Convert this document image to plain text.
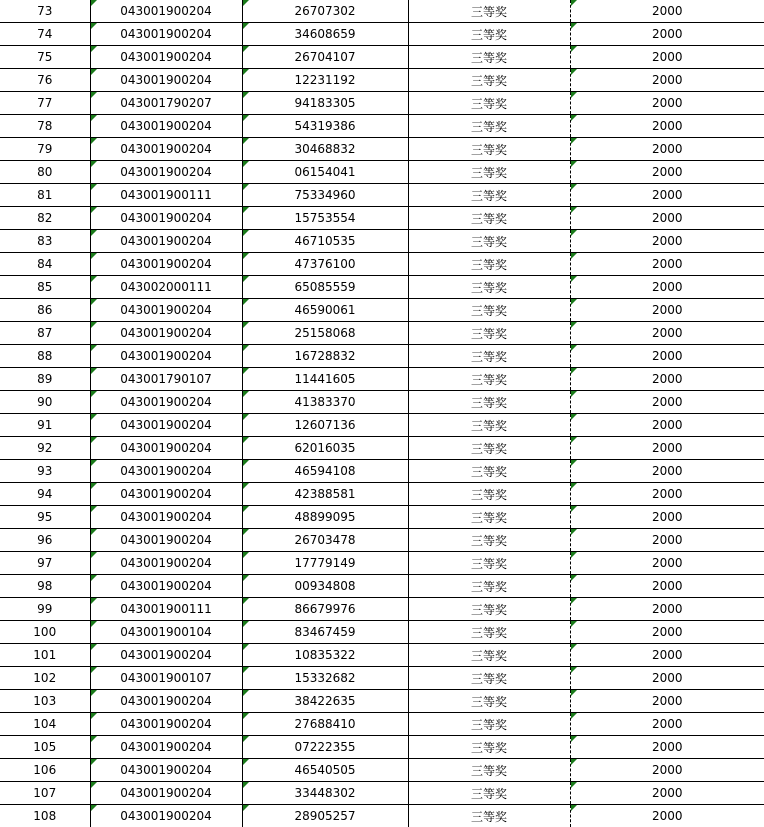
73	043001900204	26707302	三等奖	2000
74	043001900204	34608659	三等奖	2000
75	043001900204	26704107	三等奖	2000
76	043001900204	12231192	三等奖	2000
77	043001790207	94183305	三等奖	2000
78	043001900204	54319386	三等奖	2000
79	043001900204	30468832	三等奖	2000
80	043001900204	06154041	三等奖	2000
81	043001900111	75334960	三等奖	2000
82	043001900204	15753554	三等奖	2000
83	043001900204	46710535	三等奖	2000
84	043001900204	47376100	三等奖	2000
85	043002000111	65085559	三等奖	2000
86	043001900204	46590061	三等奖	2000
87	043001900204	25158068	三等奖	2000
88	043001900204	16728832	三等奖	2000
89	043001790107	11441605	三等奖	2000
90	043001900204	41383370	三等奖	2000
91	043001900204	12607136	三等奖	2000
92	043001900204	62016035	三等奖	2000
93	043001900204	46594108	三等奖	2000
94	043001900204	42388581	三等奖	2000
95	043001900204	48899095	三等奖	2000
96	043001900204	26703478	三等奖	2000
97	043001900204	17779149	三等奖	2000
98	043001900204	00934808	三等奖	2000
99	043001900111	86679976	三等奖	2000
100	043001900104	83467459	三等奖	2000
101	043001900204	10835322	三等奖	2000
102	043001900107	15332682	三等奖	2000
103	043001900204	38422635	三等奖	2000
104	043001900204	27688410	三等奖	2000
105	043001900204	07222355	三等奖	2000
106	043001900204	46540505	三等奖	2000
107	043001900204	33448302	三等奖	2000
108	043001900204	28905257	三等奖	2000
